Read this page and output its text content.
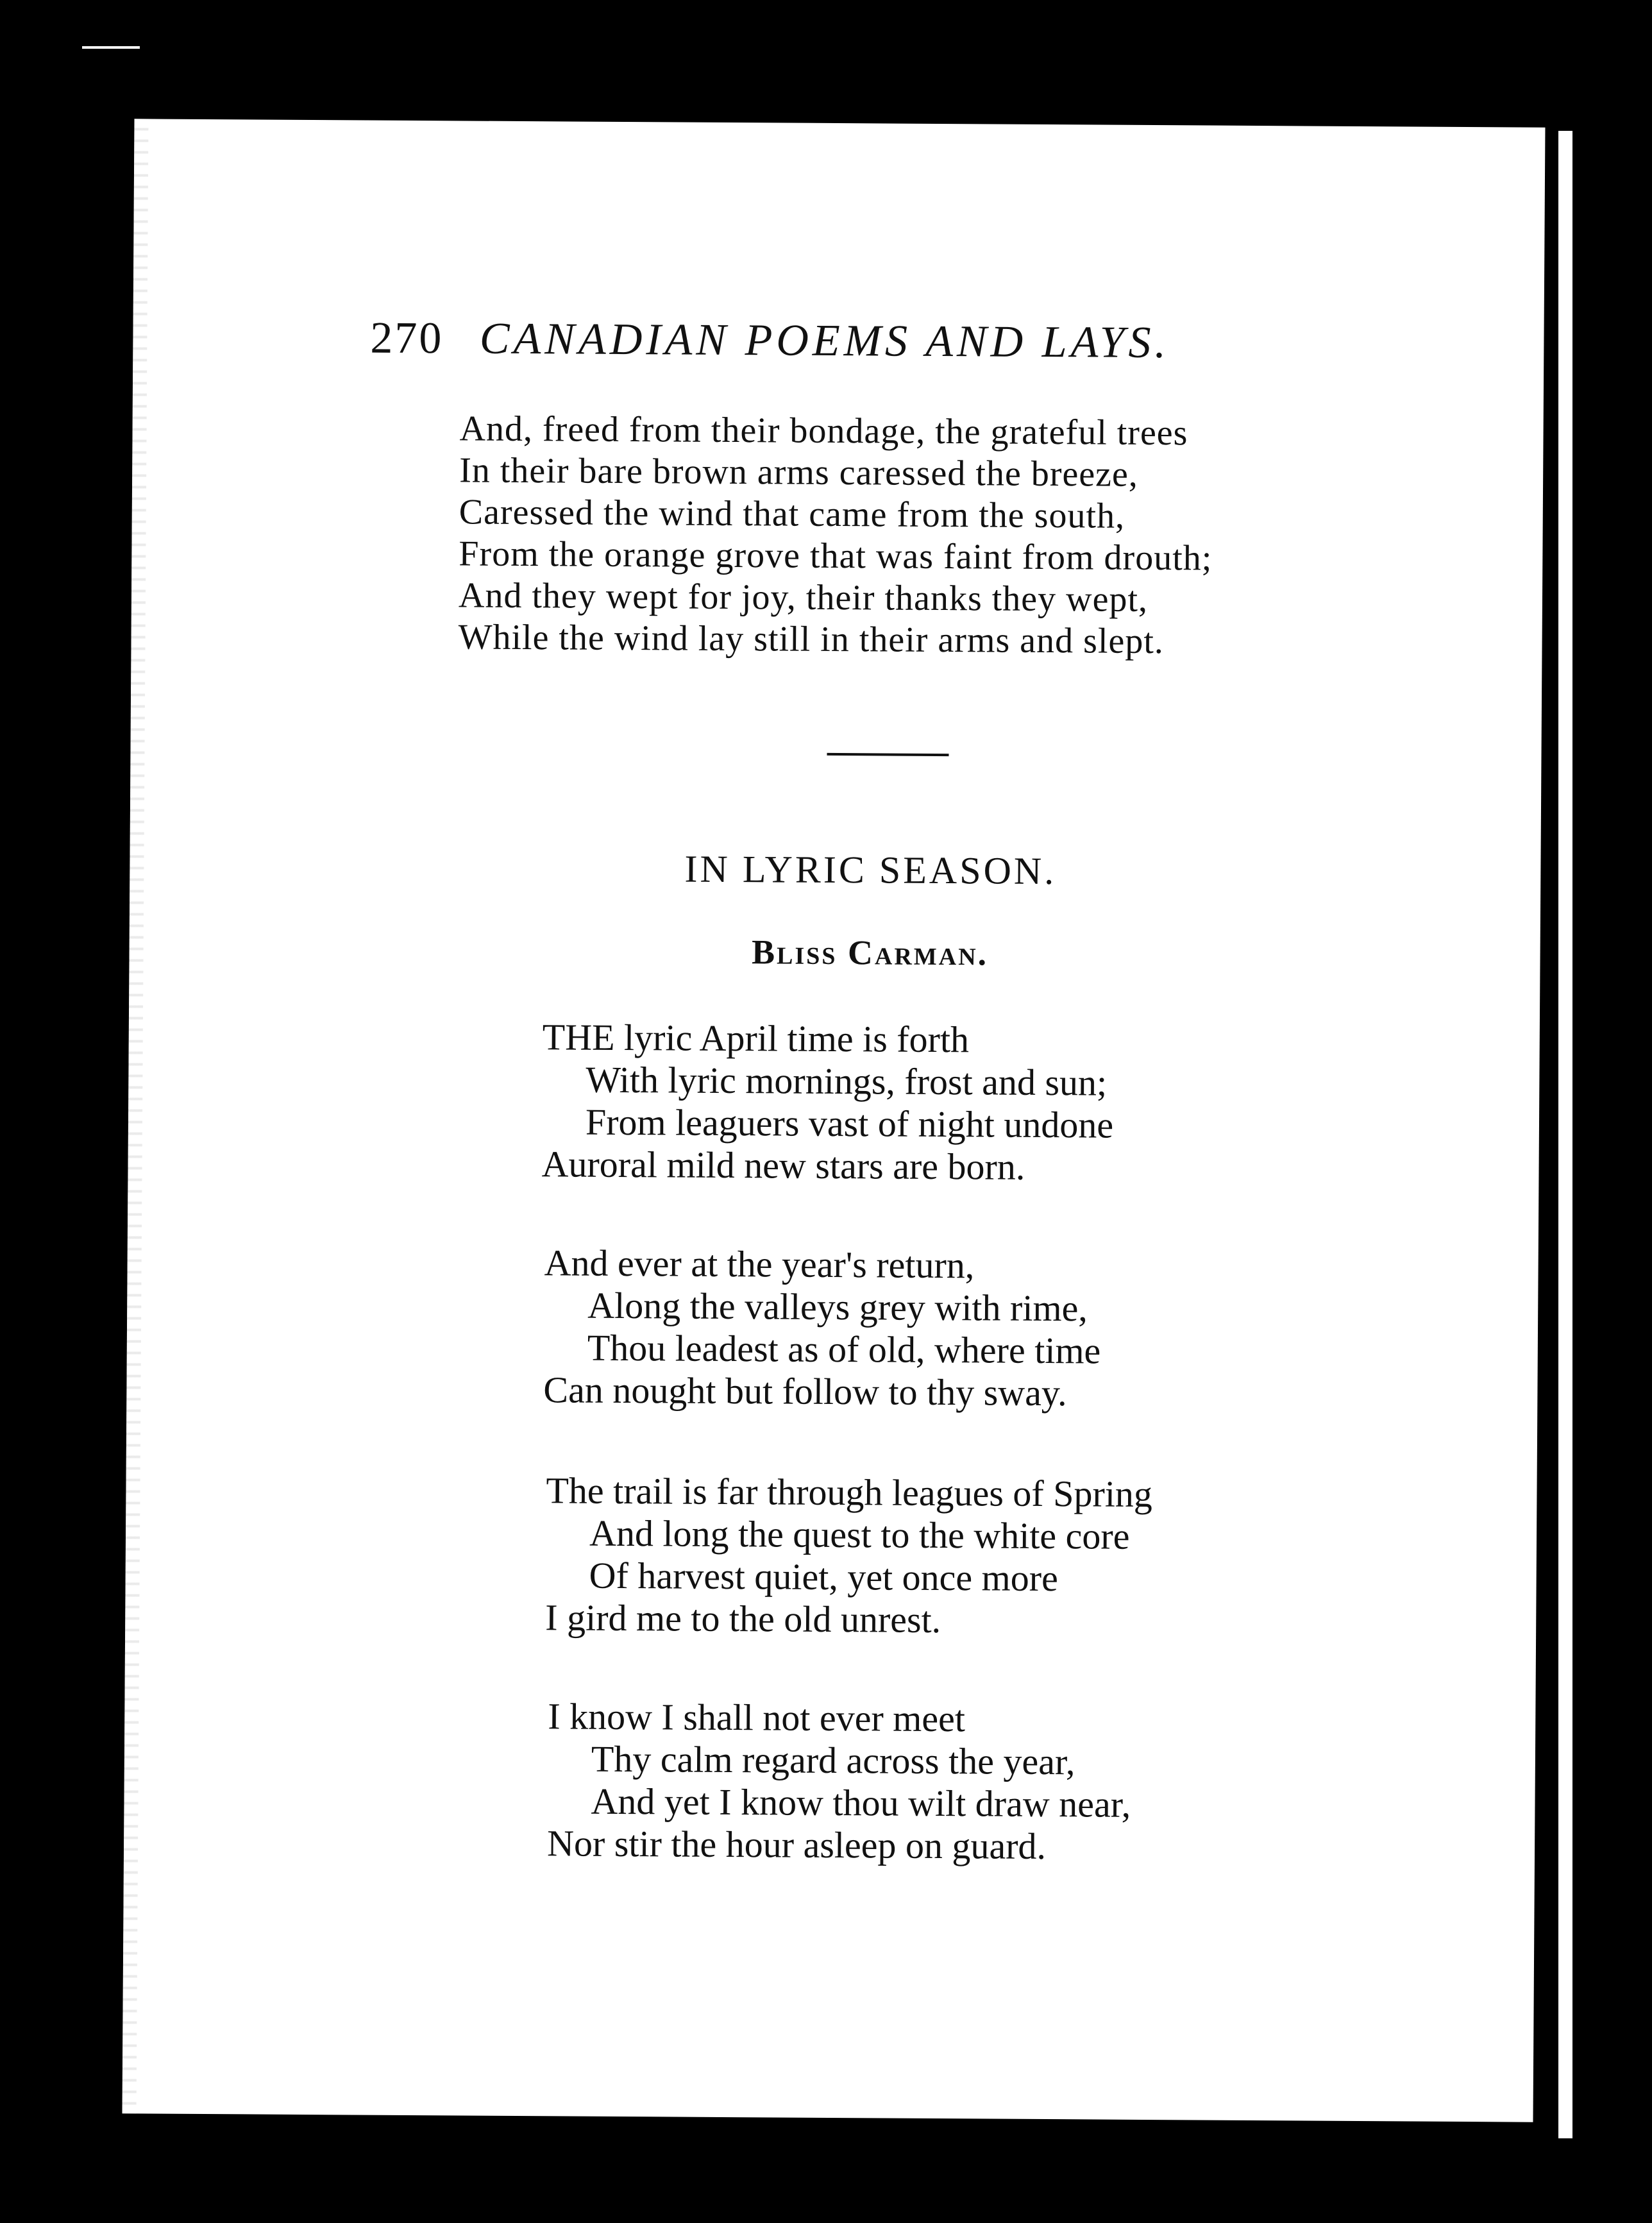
270 CANADIAN POEMS AND LAYS.
And, freed from their bondage, the grateful trees
In their bare brown arms caressed the breeze,
Caressed the wind that came from the south,
From the orange grove that was faint from drouth;
And they wept for joy, their thanks they wept,
While the wind lay still in their arms and slept.
IN LYRIC SEASON.
Bliss Carman.
THE lyric April time is forth
With lyric mornings, frost and sun;
From leaguers vast of night undone
Auroral mild new stars are born.
And ever at the year's return,
Along the valleys grey with rime,
Thou leadest as of old, where time
Can nought but follow to thy sway.
The trail is far through leagues of Spring
And long the quest to the white core
Of harvest quiet, yet once more
I gird me to the old unrest.
I know I shall not ever meet
Thy calm regard across the year,
And yet I know thou wilt draw near,
Nor stir the hour asleep on guard.
